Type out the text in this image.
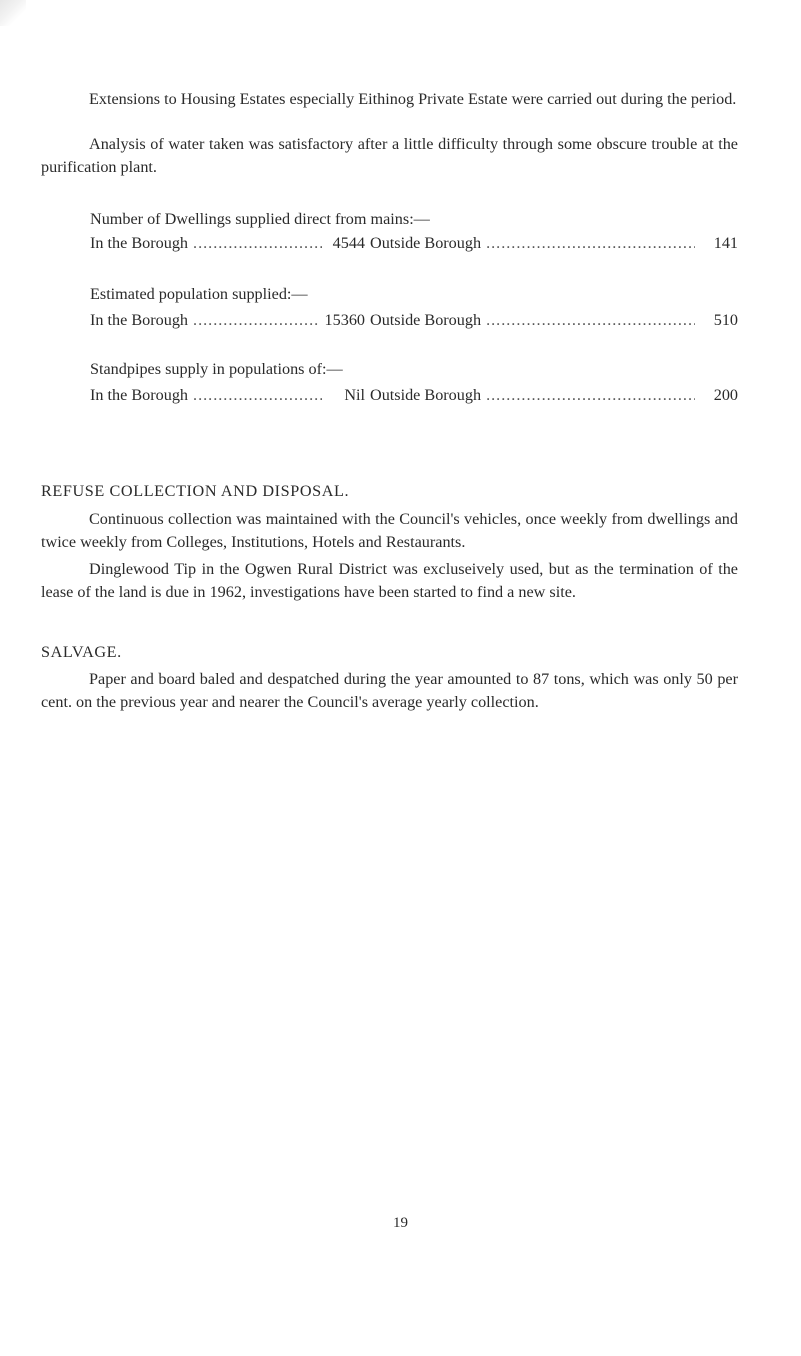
Extensions to Housing Estates especially Eithinog Private Estate were carried out during the period.

Analysis of water taken was satisfactory after a little difficulty through some obscure trouble at the purification plant.

Number of Dwellings supplied direct from mains:—

In the Borough .....	4544 Outside Borough .....	141

Estimated population supplied:—

In the Borough .....	15360 Outside Borough .....	510

Standpipes supply in populations of:—

In the Borough .....	Nil Outside Borough .....	200

REFUSE COLLECTION AND DISPOSAL.

Continuous collection was maintained with the Council's vehicles, once weekly from dwellings and twice weekly from Colleges, Institutions, Hotels and Restaurants.

Dinglewood Tip in the Ogwen Rural District was excluseively used, but as the termination of the lease of the land is due in 1962, investigations have been started to find a new site.

SALVAGE.

Paper and board baled and despatched during the year amounted to 87 tons, which was only 50 per cent. on the previous year and nearer the Council's average yearly collection.

19
